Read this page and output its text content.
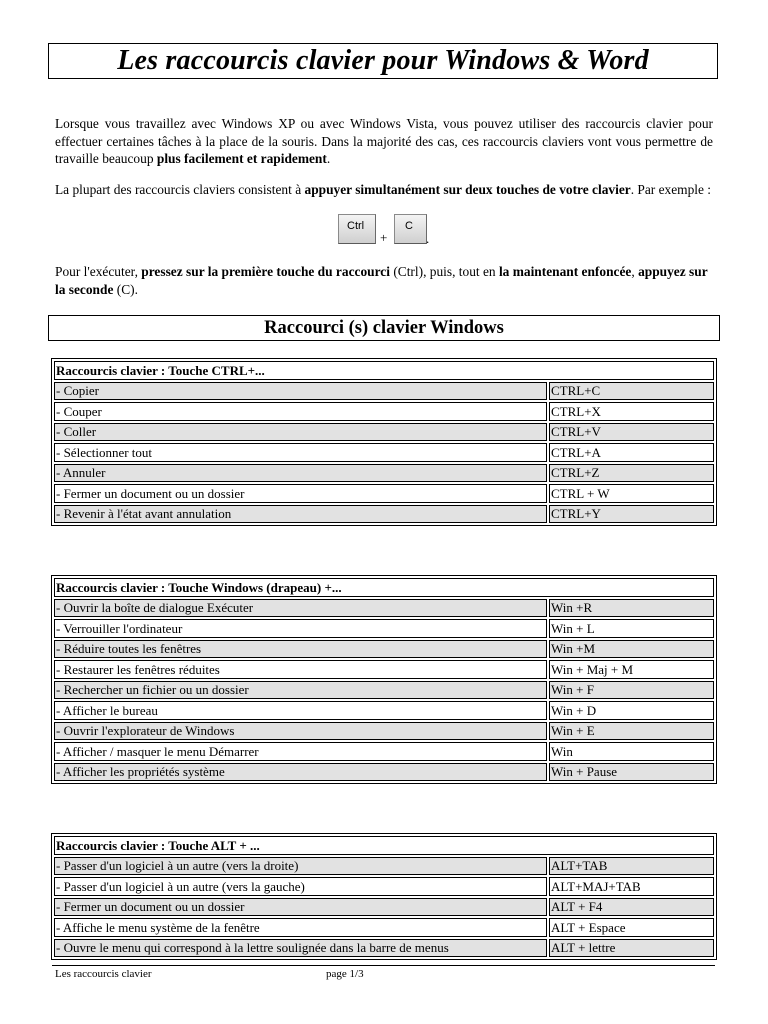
Les raccourcis clavier pour Windows & Word

Lorsque vous travaillez avec Windows XP ou avec Windows Vista, vous pouvez utiliser des raccourcis clavier pour effectuer certaines tâches à la place de la souris. Dans la majorité des cas, ces raccourcis claviers vont vous permettre de travaille beaucoup plus facilement et rapidement.

La plupart des raccourcis claviers consistent à appuyer simultanément sur deux touches de votre clavier. Par exemple :

Ctrl
+
C
.

Pour l'exécuter, pressez sur la première touche du raccourci (Ctrl), puis, tout en la maintenant enfoncée, appuyez sur la seconde (C).

Raccourci (s) clavier Windows
Raccourcis clavier : Touche CTRL+...	
- Copier	CTRL+C
- Couper	CTRL+X
- Coller	CTRL+V
- Sélectionner tout	CTRL+A
- Annuler	CTRL+Z
- Fermer un document ou un dossier	CTRL + W
- Revenir à l'état avant annulation	CTRL+Y
Raccourcis clavier : Touche Windows (drapeau) +...	
- Ouvrir la boîte de dialogue Exécuter	Win +R
- Verrouiller l'ordinateur	Win + L
- Réduire toutes les fenêtres	Win +M
- Restaurer les fenêtres réduites	Win + Maj + M
- Rechercher un fichier ou un dossier	Win + F
- Afficher le bureau	Win + D
- Ouvrir l'explorateur de Windows	Win + E
- Afficher / masquer le menu Démarrer	Win
- Afficher les propriétés système	Win + Pause
Raccourcis clavier : Touche ALT + ...	
- Passer d'un logiciel à un autre (vers la droite)	ALT+TAB
- Passer d'un logiciel à un autre (vers la gauche)	ALT+MAJ+TAB
- Fermer un document ou un dossier	ALT + F4
- Affiche le menu système de la fenêtre	ALT + Espace
- Ouvre le menu qui correspond à la lettre soulignée dans la barre de menus	ALT + lettre
Les raccourcis clavier	page 1/3
